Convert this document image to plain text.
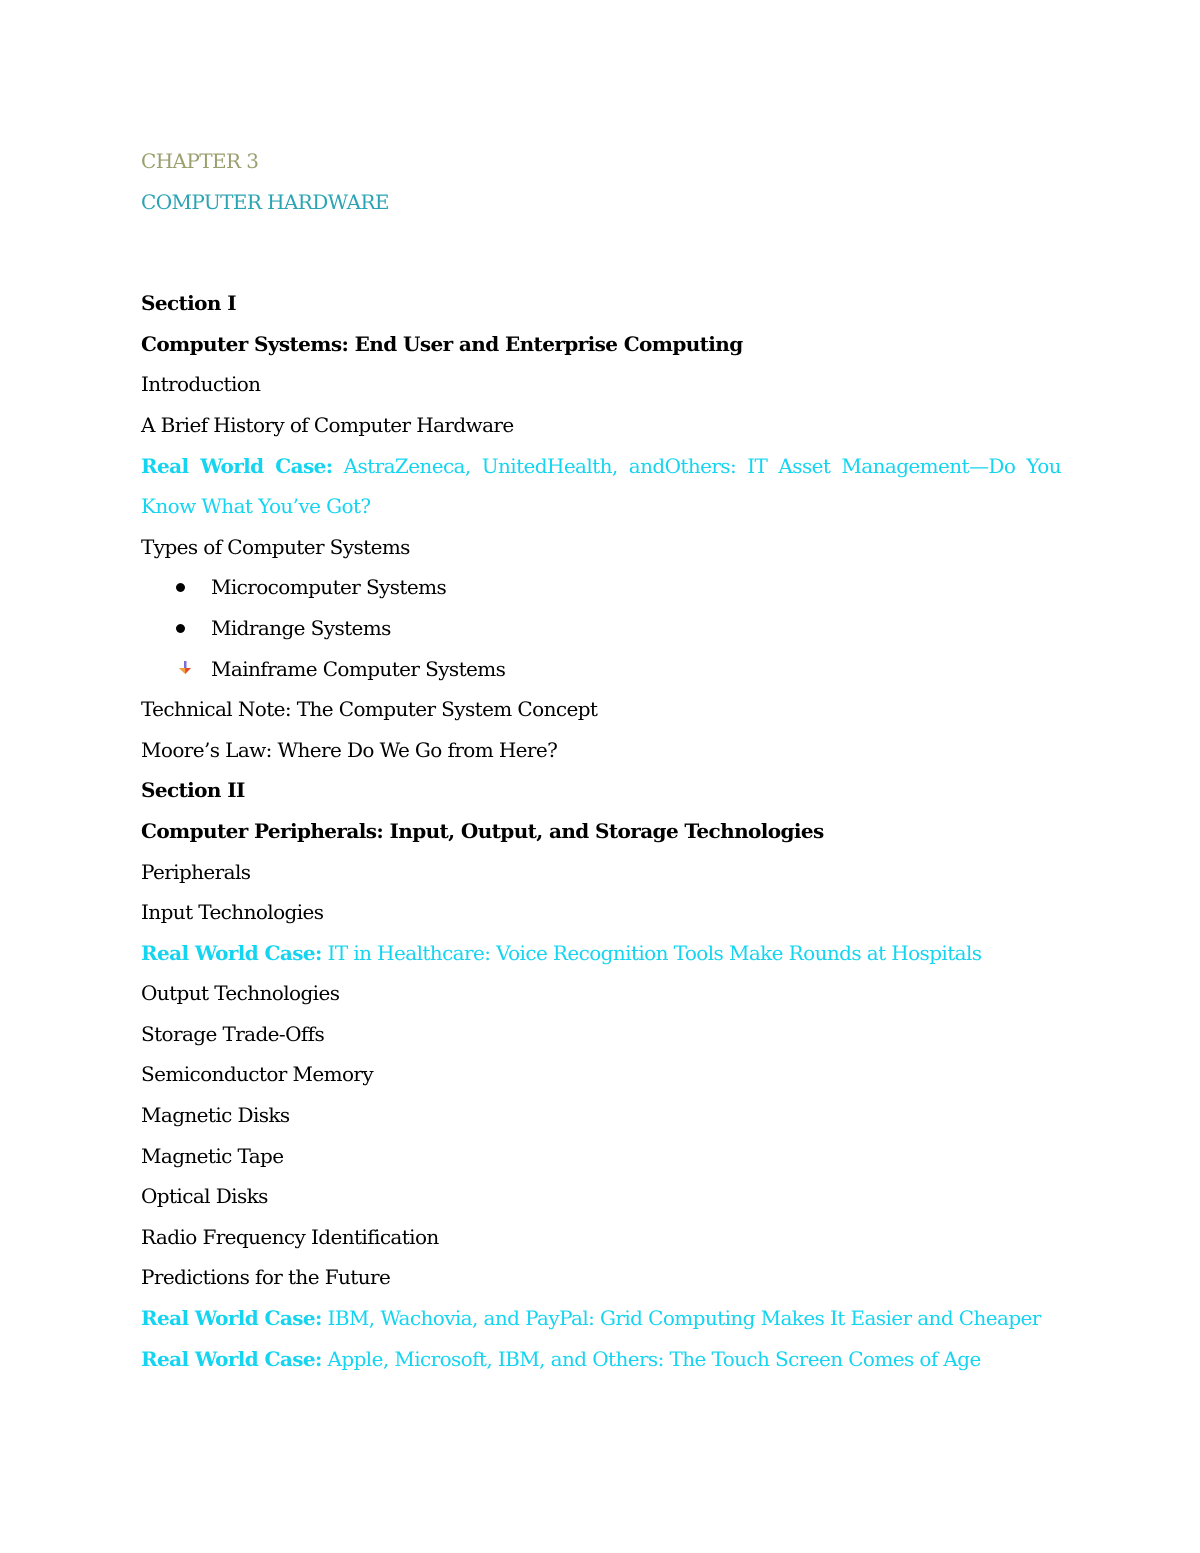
CHAPTER 3
COMPUTER HARDWARE
Section I
Computer Systems: End User and Enterprise Computing
Introduction
A Brief History of Computer Hardware
Real World Case: AstraZeneca, UnitedHealth, andOthers: IT Asset Management—Do You Know What You’ve Got?
Types of Computer Systems
Microcomputer Systems
Midrange Systems
Mainframe Computer Systems
Technical Note: The Computer System Concept
Moore’s Law: Where Do We Go from Here?
Section II
Computer Peripherals: Input, Output, and Storage Technologies
Peripherals
Input Technologies
Real World Case: IT in Healthcare: Voice Recognition Tools Make Rounds at Hospitals
Output Technologies
Storage Trade-Offs
Semiconductor Memory
Magnetic Disks
Magnetic Tape
Optical Disks
Radio Frequency Identification
Predictions for the Future
Real World Case: IBM, Wachovia, and PayPal: Grid Computing Makes It Easier and Cheaper
Real World Case: Apple, Microsoft, IBM, and Others: The Touch Screen Comes of Age
